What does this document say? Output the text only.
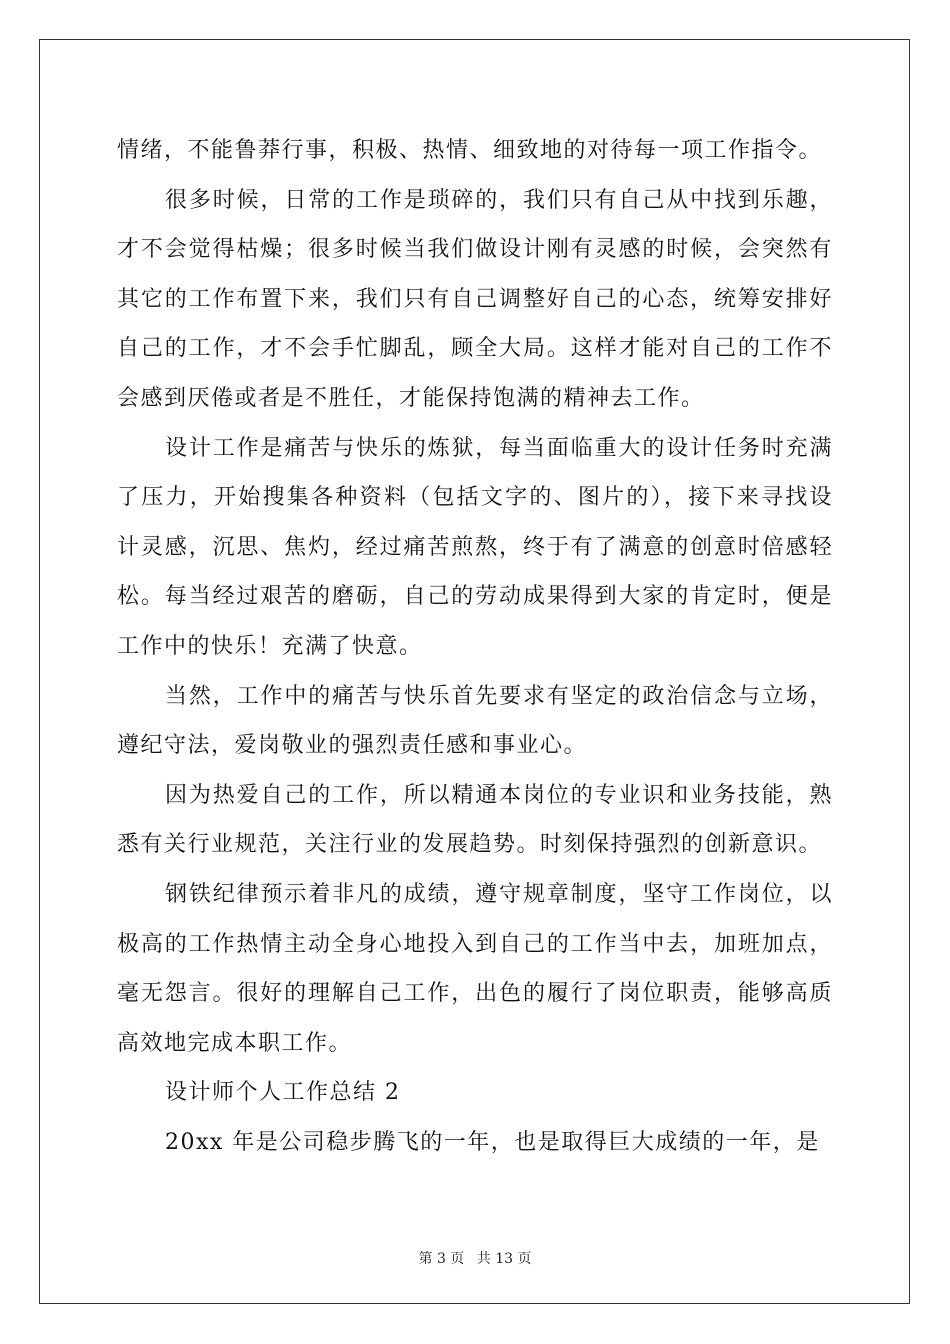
情绪，不能鲁莽行事，积极、热情、细致地的对待每一项工作指令。

很多时候，日常的工作是琐碎的，我们只有自己从中找到乐趣，才不会觉得枯燥；很多时候当我们做设计刚有灵感的时候，会突然有其它的工作布置下来，我们只有自己调整好自己的心态，统筹安排好自己的工作，才不会手忙脚乱，顾全大局。这样才能对自己的工作不会感到厌倦或者是不胜任，才能保持饱满的精神去工作。

设计工作是痛苦与快乐的炼狱，每当面临重大的设计任务时充满了压力，开始搜集各种资料（包括文字的、图片的），接下来寻找设计灵感，沉思、焦灼，经过痛苦煎熬，终于有了满意的创意时倍感轻松。每当经过艰苦的磨砺，自己的劳动成果得到大家的肯定时，便是工作中的快乐！充满了快意。

当然，工作中的痛苦与快乐首先要求有坚定的政治信念与立场，遵纪守法，爱岗敬业的强烈责任感和事业心。

因为热爱自己的工作，所以精通本岗位的专业识和业务技能，熟悉有关行业规范，关注行业的发展趋势。时刻保持强烈的创新意识。

钢铁纪律预示着非凡的成绩，遵守规章制度，坚守工作岗位，以极高的工作热情主动全身心地投入到自己的工作当中去，加班加点，毫无怨言。很好的理解自己工作，出色的履行了岗位职责，能够高质高效地完成本职工作。

设计师个人工作总结 2

20xx 年是公司稳步腾飞的一年，也是取得巨大成绩的一年，是

第 3 页 共 13 页
